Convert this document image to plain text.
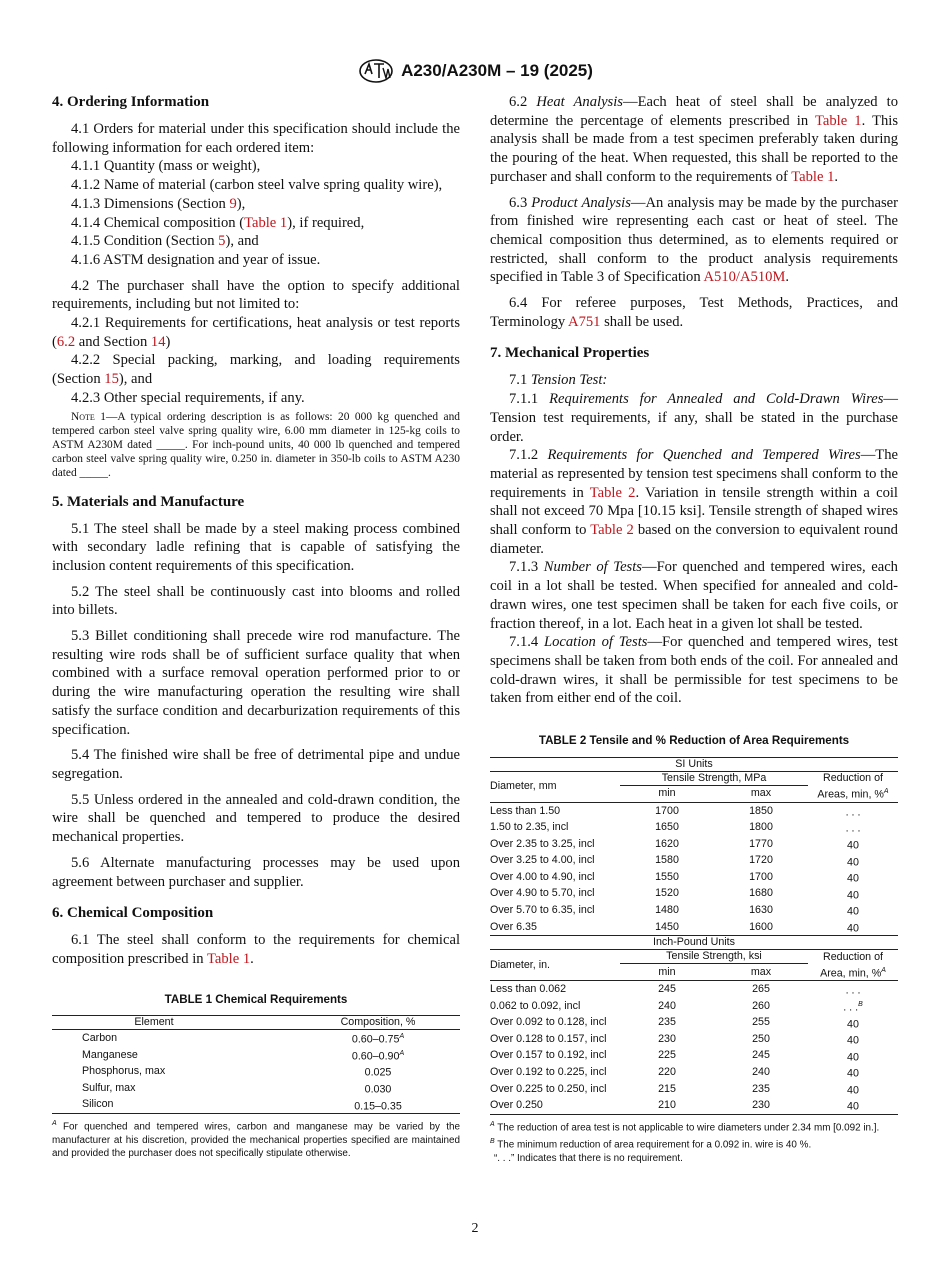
A230/A230M – 19 (2025)
4. Ordering Information

4.1 Orders for material under this specification should include the following information for each ordered item:

4.1.1 Quantity (mass or weight),

4.1.2 Name of material (carbon steel valve spring quality wire),

4.1.3 Dimensions (Section 9),

4.1.4 Chemical composition (Table 1), if required,

4.1.5 Condition (Section 5), and

4.1.6 ASTM designation and year of issue.

4.2 The purchaser shall have the option to specify additional requirements, including but not limited to:

4.2.1 Requirements for certifications, heat analysis or test reports (6.2 and Section 14)

4.2.2 Special packing, marking, and loading requirements (Section 15), and

4.2.3 Other special requirements, if any.

Note 1—A typical ordering description is as follows: 20 000 kg quenched and tempered carbon steel valve spring quality wire, 6.00 mm diameter in 125-kg coils to ASTM A230M dated _____. For inch-pound units, 40 000 lb quenched and tempered carbon steel valve spring quality wire, 0.250 in. diameter in 350-lb coils to ASTM A230 dated _____.

5. Materials and Manufacture

5.1 The steel shall be made by a steel making process combined with secondary ladle refining that is capable of satisfying the inclusion content requirements of this specification.

5.2 The steel shall be continuously cast into blooms and rolled into billets.

5.3 Billet conditioning shall precede wire rod manufacture. The resulting wire rods shall be of sufficient surface quality that when combined with a surface removal operation performed prior to or during the wire manufacturing operation the resulting wire shall satisfy the surface condition and decarburization requirements of this specification.

5.4 The finished wire shall be free of detrimental pipe and undue segregation.

5.5 Unless ordered in the annealed and cold-drawn condition, the wire shall be quenched and tempered to produce the desired mechanical properties.

5.6 Alternate manufacturing processes may be used upon agreement between purchaser and supplier.

6. Chemical Composition

6.1 The steel shall conform to the requirements for chemical composition prescribed in Table 1.

TABLE 1 Chemical Requirements

Element	Composition, %
Carbon	$0.60-0.75^A$
Manganese	$0.60-0.90^A$
Phosphorus, max	0.025
Sulfur, max	0.030
Silicon	0.15–0.35

$^A$ For quenched and tempered wires, carbon and manganese may be varied by the manufacturer at his discretion, provided the mechanical properties specified are maintained and provided the purchaser does not specifically stipulate otherwise.

6.2 Heat Analysis—Each heat of steel shall be analyzed to determine the percentage of elements prescribed in Table 1. This analysis shall be made from a test specimen preferably taken during the pouring of the heat. When requested, this shall be reported to the purchaser and shall conform to the requirements of Table 1.

6.3 Product Analysis—An analysis may be made by the purchaser from finished wire representing each cast or heat of steel. The chemical composition thus determined, as to elements required or restricted, shall conform to the product analysis requirements specified in Table 3 of Specification A510/A510M.

6.4 For referee purposes, Test Methods, Practices, and Terminology A751 shall be used.

7. Mechanical Properties

7.1 Tension Test:

7.1.1 Requirements for Annealed and Cold-Drawn Wires—Tension test requirements, if any, shall be stated in the purchase order.

7.1.2 Requirements for Quenched and Tempered Wires—The material as represented by tension test specimens shall conform to the requirements in Table 2. Variation in tensile strength within a coil shall not exceed 70 Mpa [10.15 ksi]. Tensile strength of shaped wires shall conform to Table 2 based on the conversion to equivalent round diameter.

7.1.3 Number of Tests—For quenched and tempered wires, each coil in a lot shall be tested. When specified for annealed and cold-drawn wires, one test specimen shall be taken for each five coils, or fraction thereof, in a lot. Each heat in a given lot shall be tested.

7.1.4 Location of Tests—For quenched and tempered wires, test specimens shall be taken from both ends of the coil. For annealed and cold-drawn wires, it shall be permissible for test specimens to be taken from either end of the coil.

TABLE 2 Tensile and % Reduction of Area Requirements

SI Units			
Diameter, mm	Tensile Strength, MPa		Reduction of
	min	max	Areas, min, %$^A$
Less than 1.50	1700	1850	. . .
1.50 to 2.35, incl	1650	1800	. . .
Over 2.35 to 3.25, incl	1620	1770	40
Over 3.25 to 4.00, incl	1580	1720	40
Over 4.00 to 4.90, incl	1550	1700	40
Over 4.90 to 5.70, incl	1520	1680	40
Over 5.70 to 6.35, incl	1480	1630	40
Over 6.35	1450	1600	40
Inch-Pound Units			
Diameter, in.	Tensile Strength, ksi		Reduction of
	min	max	Area, min, %$^A$
Less than 0.062	245	265	. . .
0.062 to 0.092, incl	240	260	. . .$^B$
Over 0.092 to 0.128, incl	235	255	40
Over 0.128 to 0.157, incl	230	250	40
Over 0.157 to 0.192, incl	225	245	40
Over 0.192 to 0.225, incl	220	240	40
Over 0.225 to 0.250, incl	215	235	40
Over 0.250	210	230	40

$^A$ The reduction of area test is not applicable to wire diameters under 2.34 mm [0.092 in.].

$^B$ The minimum reduction of area requirement for a 0.092 in. wire is 40 %.

“. . .” Indicates that there is no requirement.

2
